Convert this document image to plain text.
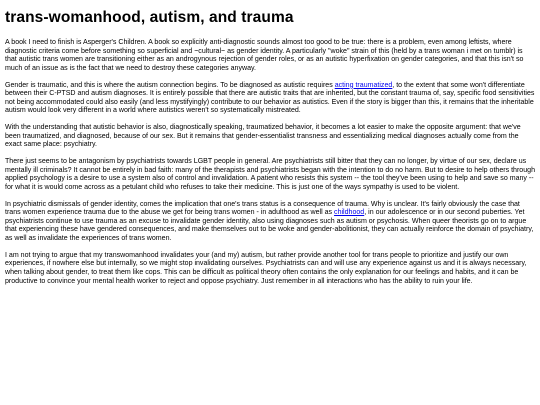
trans-womanhood, autism, and trauma

A book I need to finish is Asperger's Children. A book so explicitly anti-diagnostic sounds almost too good to be true: there is a problem, even among leftists, where diagnostic criteria come before something so superficial and ~cultural~ as gender identity. A particularly "woke" strain of this (held by a trans woman i met on tumblr) is that autistic trans women are transitioning either as an androgynous rejection of gender roles, or as an autistic hyperfixation on gender categories, and that this isn't so much of an issue as is the fact that we need to destroy these categories anyway.

Gender is traumatic, and this is where the autism connection begins. To be diagnosed as autistic requires acting traumatized, to the extent that some won't differentiate between their C-PTSD and autism diagnoses. It is entirely possible that there are autistic traits that are inherited, but the constant trauma of, say, specific food sensitivities not being accommodated could also easily (and less mystifyingly) contribute to our behavior as autistics. Even if the story is bigger than this, it remains that the inheritable autism would look very different in a world where autistics weren't so systematically mistreated.

With the understanding that autistic behavior is also, diagnostically speaking, traumatized behavior, it becomes a lot easier to make the opposite argument: that we've been traumatized, and diagnosed, because of our sex. But it remains that gender-essentialist transness and essentializing medical diagnoses actually come from the exact same place: psychiatry.

There just seems to be antagonism by psychiatrists towards LGBT people in general. Are psychiatrists still bitter that they can no longer, by virtue of our sex, declare us mentally ill criminals? It cannot be entirely in bad faith: many of the therapists and psychiatrists began with the intention to do no harm. But to desire to help others through applied psychology is a desire to use a system also of control and invalidation. A patient who resists this system -- the tool they've been using to help and save so many -- for what it is would come across as a petulant child who refuses to take their medicine. This is just one of the ways sympathy is used to be violent.

In psychiatric dismissals of gender identity, comes the implication that one's trans status is a consequence of trauma. Why is unclear. It's fairly obviously the case that trans women experience trauma due to the abuse we get for being trans women - in adulthood as well as childhood, in our adolescence or in our second puberties. Yet psychiatrists continue to use trauma as an excuse to invalidate gender identity, also using diagnoses such as autism or psychosis. When queer theorists go on to argue that experiencing these have gendered consequences, and make themselves out to be woke and gender-abolitionist, they can actually reinforce the domain of psychiatry, as well as invalidate the experiences of trans women.

I am not trying to argue that my transwomanhood invalidates your (and my) autism, but rather provide another tool for trans people to prioritize and justify our own experiences, if nowhere else but internally, so we might stop invalidating ourselves. Psychiatrists can and will use any experience against us and it is always necessary, when talking about gender, to treat them like cops. This can be difficult as political theory often contains the only explanation for our feelings and habits, and it can be productive to convince your mental health worker to reject and oppose psychiatry. Just remember in all interactions who has the ability to ruin your life.
